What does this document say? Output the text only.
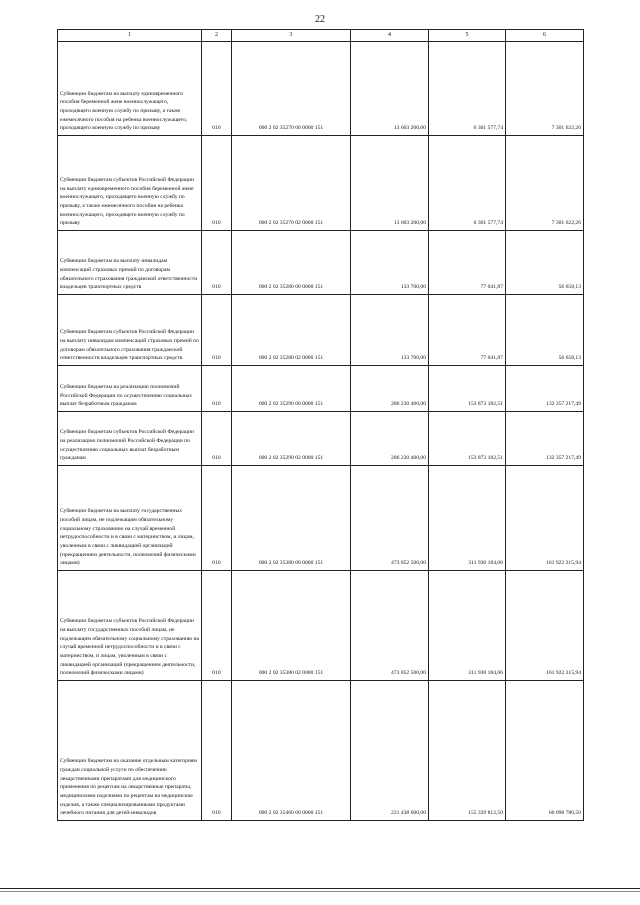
22
1	2	3	4	5	6
Субвенции бюджетам на выплату единовременного пособия беременной жене военнослужащего, проходящего военную службу по призыву, а также ежемесячного пособия на ребенка военнослужащего, проходящего военную службу по призыву	010	000 2 02 35270 00 0000 151	13 603 200,00	6 301 577,74	7 301 622,26
Субвенции бюджетам субъектов Российской Федерации на выплату единовременного пособия беременной жене военнослужащего, проходящего военную службу по призыву, а также ежемесячного пособия на ребенка военнослужащего, проходящего военную службу по призыву	010	000 2 02 35270 02 0000 151	13 603 200,00	6 301 577,74	7 301 622,26
Субвенции бюджетам на выплату инвалидам компенсаций страховых премий по договорам обязательного страхования гражданской ответственности владельцев транспортных средств	010	000 2 02 35280 00 0000 151	133 700,00	77 041,87	56 658,13
Субвенции бюджетам субъектов Российской Федерации на выплату инвалидам компенсаций страховых премий по договорам обязательного страхования гражданской ответственности владельцев транспортных средств	010	000 2 02 35280 02 0000 151	133 700,00	77 041,87	56 658,13
Субвенции бюджетам на реализацию полномочий Российской Федерации по осуществлению социальных выплат безработным гражданам	010	000 2 02 35290 00 0000 151	286 230 400,00	153 873 182,51	132 357 217,49
Субвенции бюджетам субъектов Российской Федерации на реализацию полномочий Российской Федерации по осуществлению социальных выплат безработным гражданам	010	000 2 02 35290 02 0000 151	286 230 400,00	153 873 182,51	132 357 217,49
Субвенции бюджетам на выплату государственных пособий лицам, не подлежащим обязательному социальному страхованию на случай временной нетрудоспособности и в связи с материнством, и лицам, уволенным в связи с ликвидацией организаций (прекращением деятельности, полномочий физическими лицами)	010	000 2 02 35380 00 0000 151	473 852 500,00	311 930 184,06	161 922 315,94
Субвенции бюджетам субъектов Российской Федерации на выплату государственных пособий лицам, не подлежащим обязательному социальному страхованию на случай временной нетрудоспособности и в связи с материнством, и лицам, уволенным в связи с ликвидацией организаций (прекращением деятельности, полномочий физическими лицами)	010	000 2 02 35380 02 0000 151	473 852 500,00	311 930 184,06	161 922 315,94
Субвенции бюджетам на оказание отдельным категориям граждан социальной услуги по обеспечению лекарственными препаратами для медицинского применения по рецептам на лекарственные препараты, медицинскими изделиями по рецептам на медицинские изделия, а также специализированными продуктами лечебного питания для детей-инвалидов	010	000 2 02 35460 00 0000 151	221 438 600,00	155 339 812,50	66 098 786,50
